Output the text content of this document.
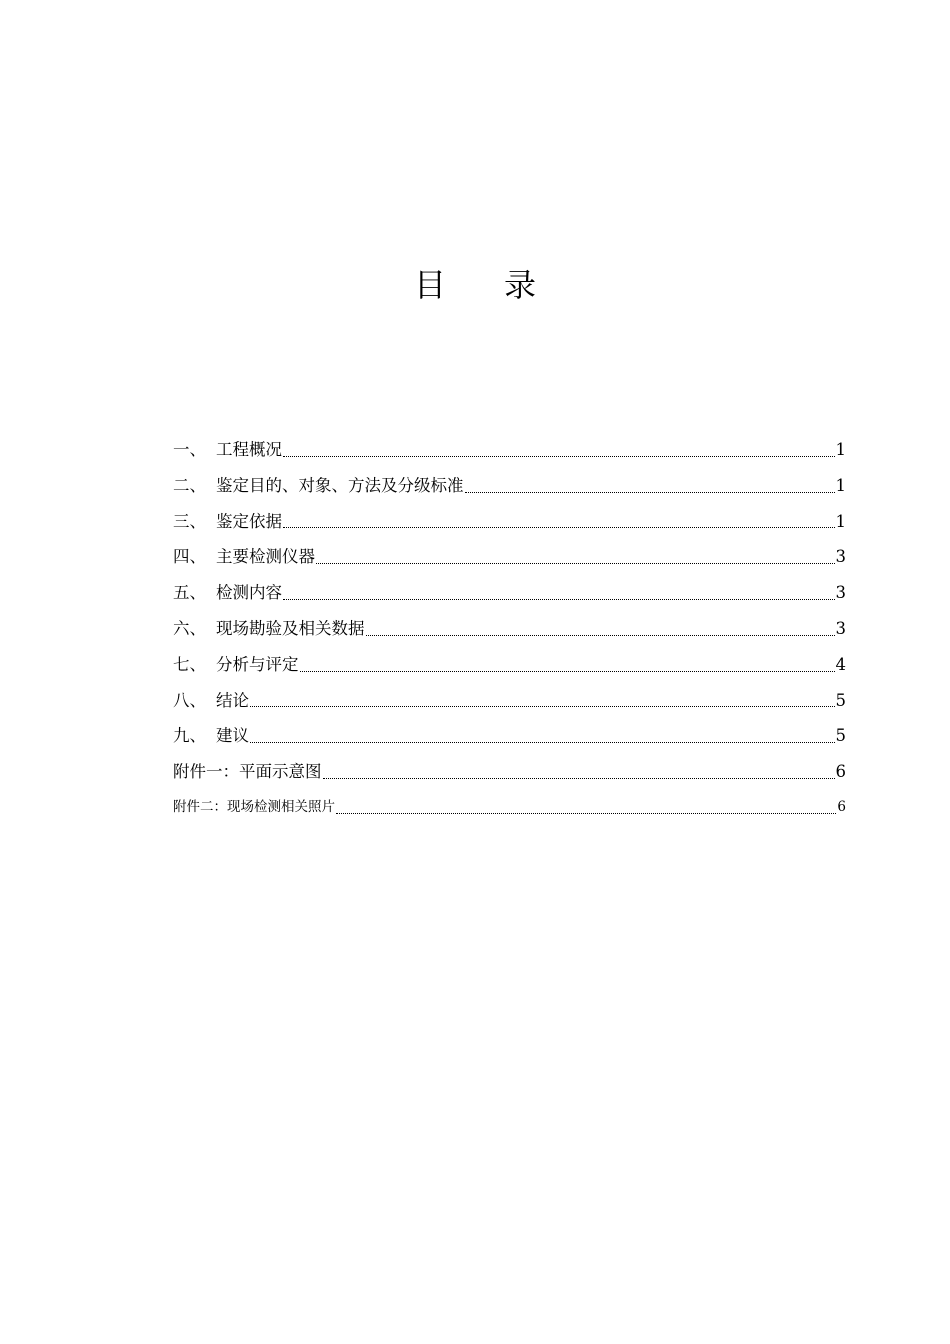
目 录
一、 工程概况	1
二、 鉴定目的、对象、方法及分级标准	1
三、 鉴定依据	1
四、 主要检测仪器	3
五、 检测内容	3
六、 现场勘验及相关数据	3
七、 分析与评定	4
八、 结论	5
九、 建议	5
附件一：平面示意图	6
附件二：现场检测相关照片	6
